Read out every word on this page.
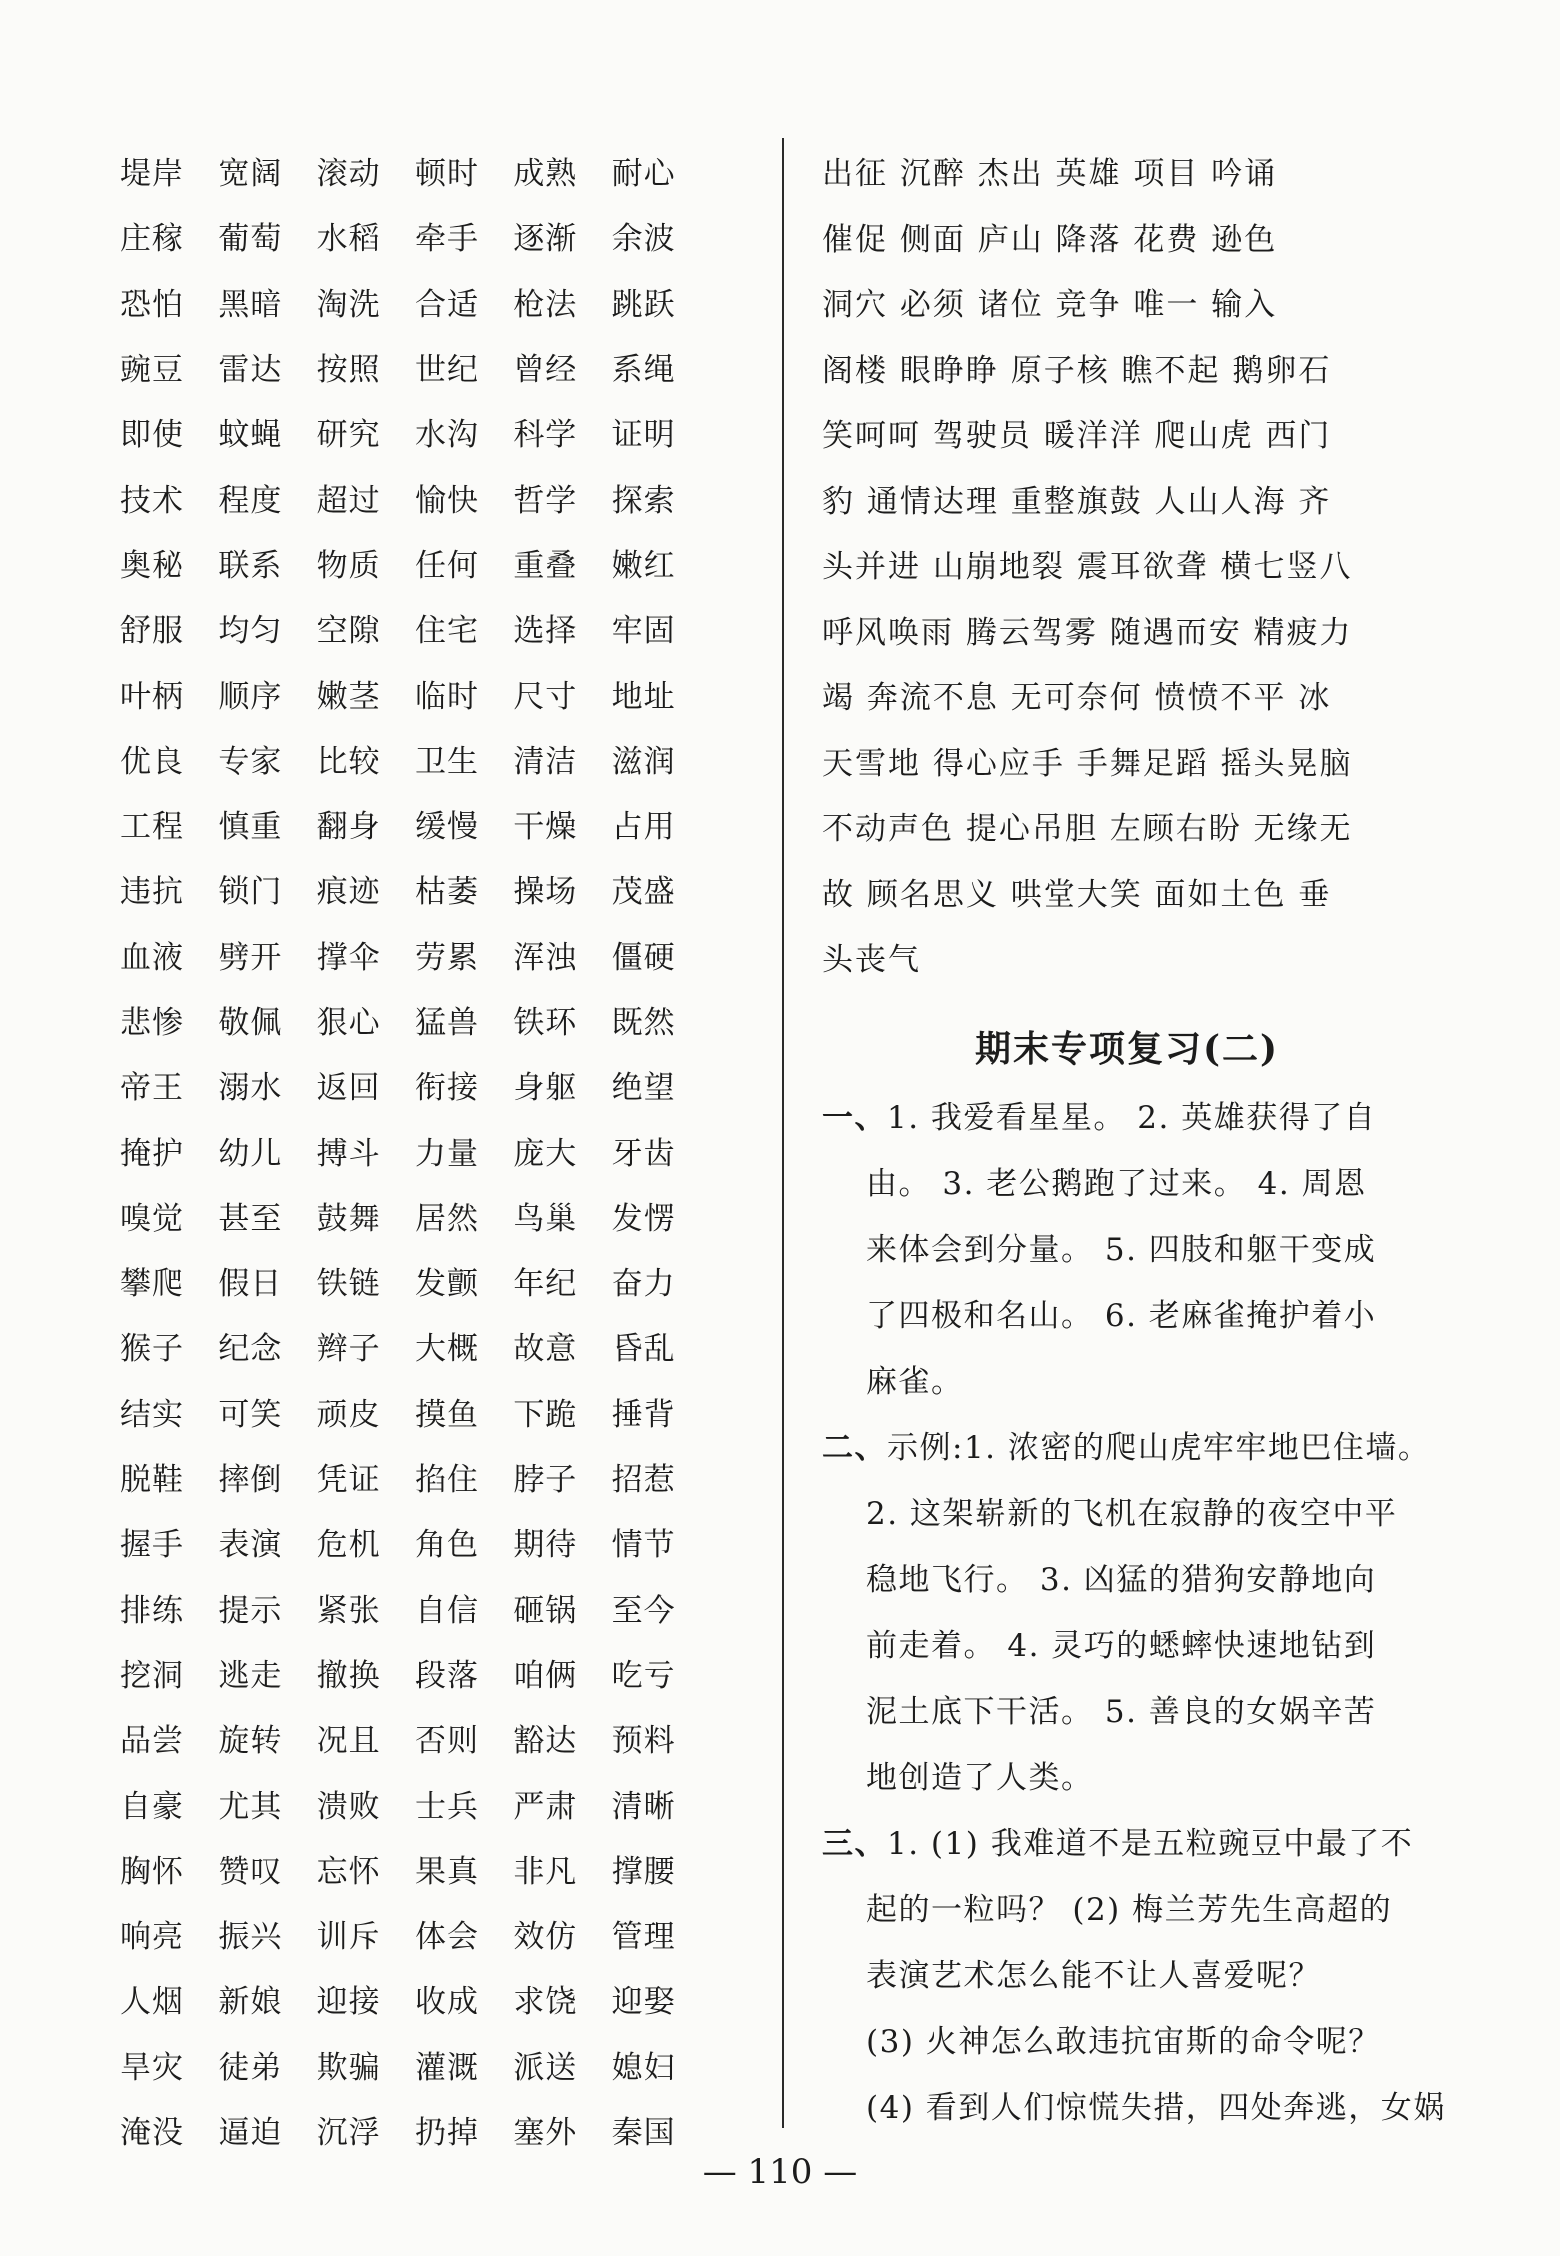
堤岸	宽阔	滚动	顿时	成熟	耐心
庄稼	葡萄	水稻	牵手	逐渐	余波
恐怕	黑暗	淘洗	合适	枪法	跳跃
豌豆	雷达	按照	世纪	曾经	系绳
即使	蚊蝇	研究	水沟	科学	证明
技术	程度	超过	愉快	哲学	探索
奥秘	联系	物质	任何	重叠	嫩红
舒服	均匀	空隙	住宅	选择	牢固
叶柄	顺序	嫩茎	临时	尺寸	地址
优良	专家	比较	卫生	清洁	滋润
工程	慎重	翻身	缓慢	干燥	占用
违抗	锁门	痕迹	枯萎	操场	茂盛
血液	劈开	撑伞	劳累	浑浊	僵硬
悲惨	敬佩	狠心	猛兽	铁环	既然
帝王	溺水	返回	衔接	身躯	绝望
掩护	幼儿	搏斗	力量	庞大	牙齿
嗅觉	甚至	鼓舞	居然	鸟巢	发愣
攀爬	假日	铁链	发颤	年纪	奋力
猴子	纪念	辫子	大概	故意	昏乱
结实	可笑	顽皮	摸鱼	下跪	捶背
脱鞋	摔倒	凭证	掐住	脖子	招惹
握手	表演	危机	角色	期待	情节
排练	提示	紧张	自信	砸锅	至今
挖洞	逃走	撤换	段落	咱俩	吃亏
品尝	旋转	况且	否则	豁达	预料
自豪	尤其	溃败	士兵	严肃	清晰
胸怀	赞叹	忘怀	果真	非凡	撑腰
响亮	振兴	训斥	体会	效仿	管理
人烟	新娘	迎接	收成	求饶	迎娶
旱灾	徒弟	欺骗	灌溉	派送	媳妇
淹没	逼迫	沉浮	扔掉	塞外	秦国
出征 沉醉 杰出 英雄 项目 吟诵
催促 侧面 庐山 降落 花费 逊色
洞穴 必须 诸位 竞争 唯一 输入
阁楼 眼睁睁 原子核 瞧不起 鹅卵石
笑呵呵 驾驶员 暖洋洋 爬山虎 西门
豹 通情达理 重整旗鼓 人山人海 齐
头并进 山崩地裂 震耳欲聋 横七竖八
呼风唤雨 腾云驾雾 随遇而安 精疲力
竭 奔流不息 无可奈何 愤愤不平 冰
天雪地 得心应手 手舞足蹈 摇头晃脑
不动声色 提心吊胆 左顾右盼 无缘无
故 顾名思义 哄堂大笑 面如土色 垂
头丧气
期末专项复习(二)
一、 1. 我爱看星星。 2. 英雄获得了自
由。 3. 老公鹅跑了过来。 4. 周恩
来体会到分量。 5. 四肢和躯干变成
了四极和名山。 6. 老麻雀掩护着小
麻雀。
二、 示例:1. 浓密的爬山虎牢牢地巴住墙。
2. 这架崭新的飞机在寂静的夜空中平
稳地飞行。 3. 凶猛的猎狗安静地向
前走着。 4. 灵巧的蟋蟀快速地钻到
泥土底下干活。 5. 善良的女娲辛苦
地创造了人类。
三、 1. (1) 我难道不是五粒豌豆中最了不
起的一粒吗？ (2) 梅兰芳先生高超的
表演艺术怎么能不让人喜爱呢？
(3) 火神怎么敢违抗宙斯的命令呢？
(4) 看到人们惊慌失措，四处奔逃，女娲
— 110 —
